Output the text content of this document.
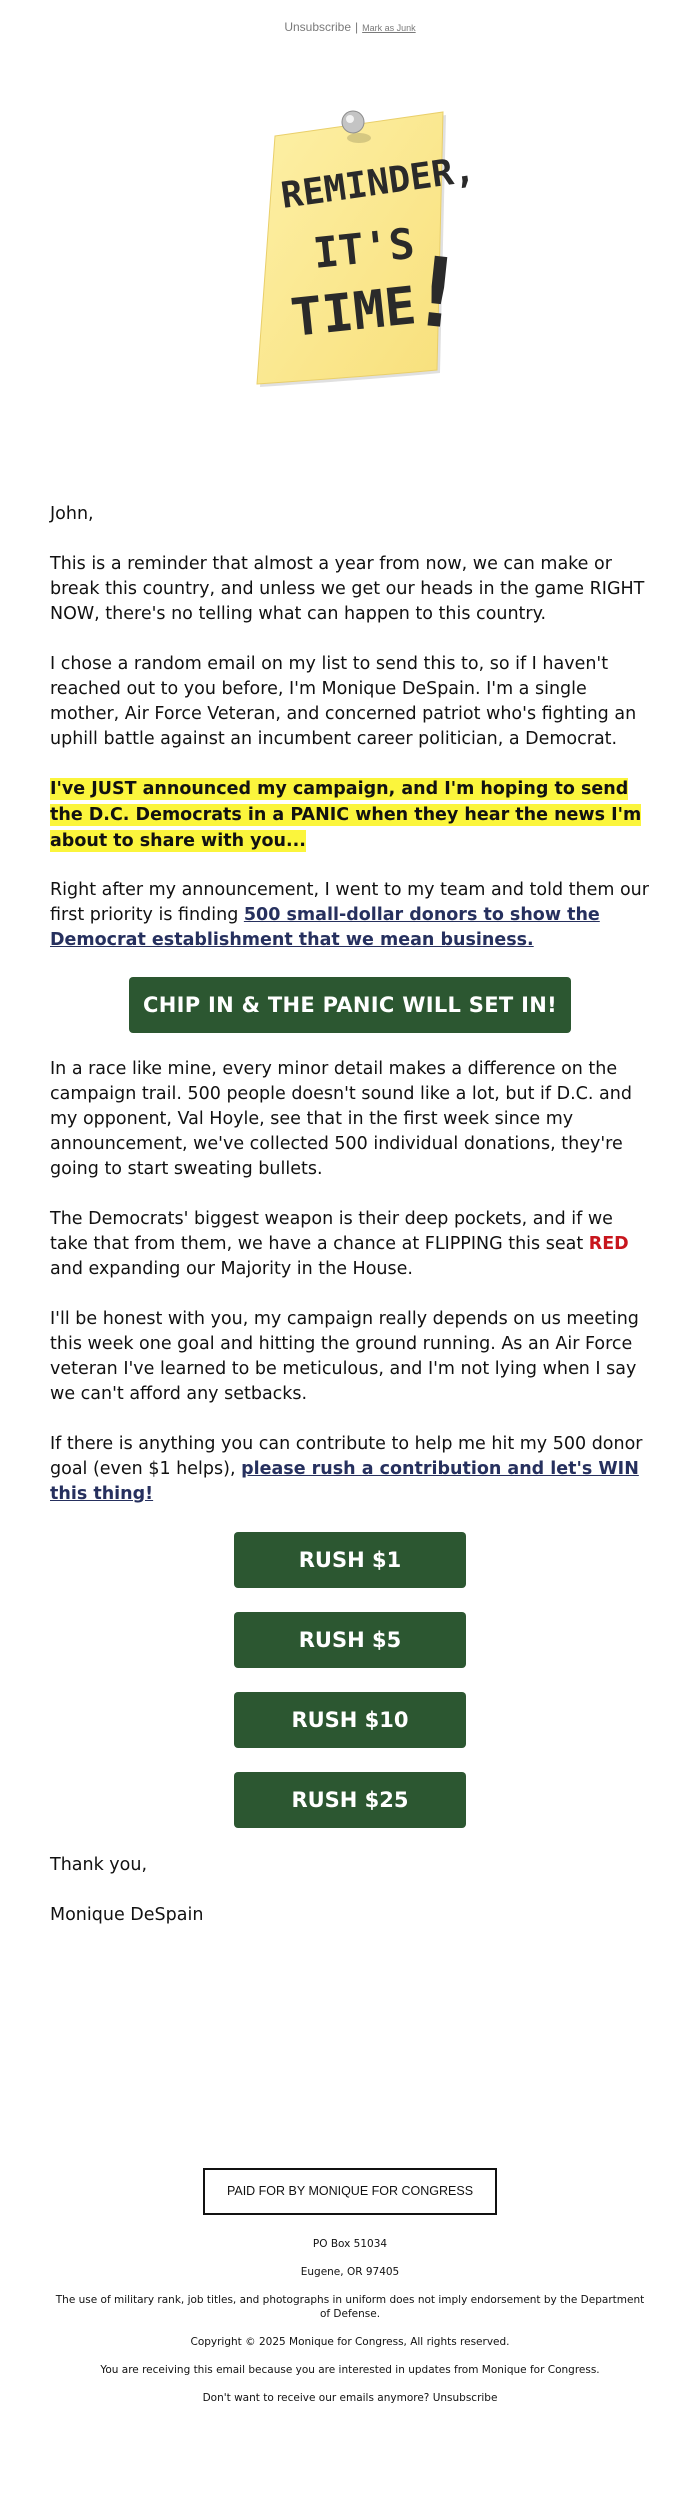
Unsubscribe | Mark as Junk
REMINDER,
IT'S
TIME
!

John,

This is a reminder that almost a year from now, we can make or break this country, and unless we get our heads in the game RIGHT NOW, there's no telling what can happen to this country.

I chose a random email on my list to send this to, so if I haven't reached out to you before, I'm Monique DeSpain. I'm a single mother, Air Force Veteran, and concerned patriot who's fighting an uphill battle against an incumbent career politician, a Democrat.

I've JUST announced my campaign, and I'm hoping to send the D.C. Democrats in a PANIC when they hear the news I'm about to share with you...

Right after my announcement, I went to my team and told them our first priority is finding 500 small-dollar donors to show the Democrat establishment that we mean business.

CHIP IN & THE PANIC WILL SET IN!

In a race like mine, every minor detail makes a difference on the campaign trail. 500 people doesn't sound like a lot, but if D.C. and my opponent, Val Hoyle, see that in the first week since my announcement, we've collected 500 individual donations, they're going to start sweating bullets.

The Democrats' biggest weapon is their deep pockets, and if we take that from them, we have a chance at FLIPPING this seat RED and expanding our Majority in the House.

I'll be honest with you, my campaign really depends on us meeting this week one goal and hitting the ground running. As an Air Force veteran I've learned to be meticulous, and I'm not lying when I say we can't afford any setbacks.

If there is anything you can contribute to help me hit my 500 donor goal (even $1 helps), please rush a contribution and let's WIN this thing!

RUSH $1
RUSH $5
RUSH $10
RUSH $25

Thank you,

Monique DeSpain

PAID FOR BY MONIQUE FOR CONGRESS

PO Box 51034

Eugene, OR 97405

The use of military rank, job titles, and photographs in uniform does not imply endorsement by the Department of Defense.

Copyright © 2025 Monique for Congress, All rights reserved.

You are receiving this email because you are interested in updates from Monique for Congress.

Don't want to receive our emails anymore? Unsubscribe
